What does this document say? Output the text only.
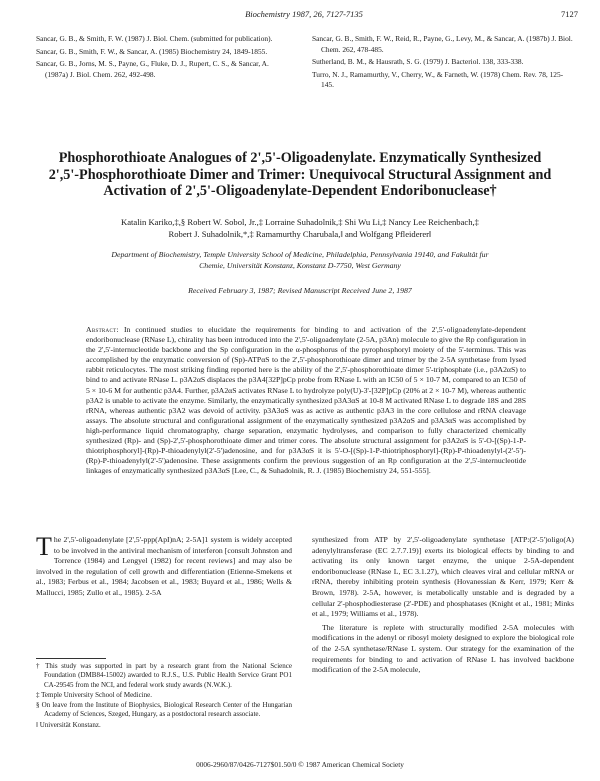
Biochemistry 1987, 26, 7127-7135	7127

Sancar, G. B., & Smith, F. W. (1987) J. Biol. Chem. (submitted for publication).

Sancar, G. B., Smith, F. W., & Sancar, A. (1985) Biochemistry 24, 1849-1855.

Sancar, G. B., Jorns, M. S., Payne, G., Fluke, D. J., Rupert, C. S., & Sancar, A. (1987a) J. Biol. Chem. 262, 492-498.

Sancar, G. B., Smith, F. W., Reid, R., Payne, G., Levy, M., & Sancar, A. (1987b) J. Biol. Chem. 262, 478-485.

Sutherland, B. M., & Hausrath, S. G. (1979) J. Bacteriol. 138, 333-338.

Turro, N. J., Ramamurthy, V., Cherry, W., & Farneth, W. (1978) Chem. Rev. 78, 125-145.

Phosphorothioate Analogues of 2',5'-Oligoadenylate. Enzymatically Synthesized
2',5'-Phosphorothioate Dimer and Trimer: Unequivocal Structural Assignment and
Activation of 2',5'-Oligoadenylate-Dependent Endoribonuclease†
Katalin Kariko,‡,§ Robert W. Sobol, Jr.,‡ Lorraine Suhadolnik,‡ Shi Wu Li,‡ Nancy Lee Reichenbach,‡
Robert J. Suhadolnik,*,‡ Ramamurthy Charubala,‖ and Wolfgang Pfleiderer‖
Department of Biochemistry, Temple University School of Medicine, Philadelphia, Pennsylvania 19140, and Fakultät fur
Chemie, Universität Konstanz, Konstanz D-7750, West Germany
Received February 3, 1987; Revised Manuscript Received June 2, 1987
Abstract: In continued studies to elucidate the requirements for binding to and activation of the 2',5'-oligoadenylate-dependent endoribonuclease (RNase L), chirality has been introduced into the 2',5'-oligoadenylate (2-5A, p3An) molecule to give the Rp configuration in the 2',5'-internucleotide backbone and the Sp configuration in the α-phosphorus of the pyrophosphoryl moiety of the 5'-terminus. This was accomplished by the enzymatic conversion of (Sp)-ATPαS to the 2',5'-phosphorothioate dimer and trimer by the 2-5A synthetase from lysed rabbit reticulocytes. The most striking finding reported here is the ability of the 2',5'-phosphorothioate dimer 5'-triphosphate (i.e., p3A2αS) to bind to and activate RNase L. p3A2αS displaces the p3A4[32P]pCp probe from RNase L with an IC50 of 5 × 10-7 M, compared to an IC50 of 5 × 10-6 M for authentic p3A4. Further, p3A2αS activates RNase L to hydrolyze poly(U)-3'-[32P]pCp (20% at 2 × 10-7 M), whereas authentic p3A2 is unable to activate the enzyme. Similarly, the enzymatically synthesized p3A3αS at 10-8 M activated RNase L to degrade 18S and 28S rRNA, whereas authentic p3A2 was devoid of activity. p3A3αS was as active as authentic p3A3 in the core cellulose and rRNA cleavage assays. The absolute structural and configurational assignment of the enzymatically synthesized p3A2αS and p3A3αS was accomplished by high-performance liquid chromatography, charge separation, enzymatic hydrolyses, and comparison to fully characterized chemically synthesized (Rp)- and (Sp)-2',5'-phosphorothioate dimer and trimer cores. The absolute structural assignment for p3A2αS is 5'-O-[(Sp)-1-P-thiotriphosphoryl]-(Rp)-P-thioadenylyl(2'-5')adenosine, and for p3A3αS it is 5'-O-[(Sp)-1-P-thiotriphosphoryl]-(Rp)-P-thioadenylyl-(2'-5')-(Rp)-P-thioadenylyl(2'-5')adenosine. These assignments confirm the previous suggestion of an Rp configuration at the 2',5'-internucleotide linkages of enzymatically synthesized p3A3αS [Lee, C., & Suhadolnik, R. J. (1985) Biochemistry 24, 551-555].
The 2',5'-oligoadenylate [2',5'-ppp(ApI)nA; 2-5A]1 system is widely accepted to be involved in the antiviral mechanism of interferon [consult Johnston and Torrence (1984) and Lengyel (1982) for recent reviews] and may also be involved in the regulation of cell growth and differentiation (Etienne-Smekens et al., 1983; Ferbus et al., 1984; Jacobsen et al., 1983; Buyard et al., 1986; Wells & Mallucci, 1985; Zullo et al., 1985). 2-5A
synthesized from ATP by 2',5'-oligoadenylate synthetase [ATP:(2'-5')oligo(A) adenylyltransferase (EC 2.7.7.19)] exerts its biological effects by binding to and activating its only known target enzyme, the unique 2-5A-dependent endoribonuclease (RNase L, EC 3.1.27), which cleaves viral and cellular mRNA or rRNA, thereby inhibiting protein synthesis (Hovanessian & Kerr, 1979; Kerr & Brown, 1978). 2-5A, however, is metabolically unstable and is degraded by a cellular 2'-phosphodiesterase (2'-PDE) and phosphatases (Knight et al., 1981; Minks et al., 1979; Williams et al., 1978).
The literature is replete with structurally modified 2-5A molecules with modifications in the adenyl or ribosyl moiety designed to explore the biological role of the 2-5A synthetase/RNase L system. Our strategy for the examination of the requirements for binding to and activation of RNase L has involved backbone modification of the 2-5A molecule,

† This study was supported in part by a research grant from the National Science Foundation (DMB84-15002) awarded to R.J.S., U.S. Public Health Service Grant PO1 CA-29545 from the NCI, and federal work study awards (N.W.K.).

‡ Temple University School of Medicine.

§ On leave from the Institute of Biophysics, Biological Research Center of the Hungarian Academy of Sciences, Szeged, Hungary, as a postdoctoral research associate.

‖ Universität Konstanz.

0006-2960/87/0426-7127$01.50/0 © 1987 American Chemical Society
